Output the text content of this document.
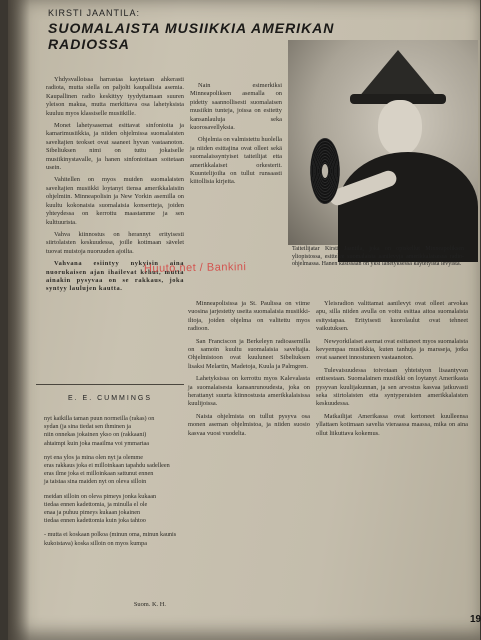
KIRSTI JAANTILA:
SUOMALAISTA MUSIIKKIA AMERIKAN RADIOSSA

Yhdysvalloissa harrastaa kaytetaan ahkerasti radiota, mutta siella on paljolti kaupallisia asemia. Kaupallinen radio keskittyy tyydyttamaan suuren yleison makua, mutta merkittava osa lahetyksista kuuluu myos klassiselle musiikille.

Monet lahetysasemat esittavat sinfonioita ja kamarimusiikkia, ja niiden ohjelmissa suomalaisten saveltajien teokset ovat saaneet hyvan vastaanoton. Sibeliuksen nimi on tuttu jokaiselle musiikinystavalle, ja hanen sinfonioitaan soitetaan usein.

Vahitellen on myos muiden suomalaisten saveltajien musiikki loytanyt tiensa amerikkalaisiin ohjelmiin. Minneapolisin ja New Yorkin asemilla on kuultu kokonaisia suomalaisia konsertteja, joiden yhteydessa on kerrottu maastamme ja sen kulttuurista.

Vahva kiinnostus on herannyt erityisesti siirtolaisten keskuudessa, joille kotimaan sävelet tuovat muistoja nuoruuden ajoilta.

Vahvana esiintyy nykyisin aina nuorukaisen ajan ihailevat kehut, mutta ainakin pysyvaa on se rakkaus, joka syntyy laulujen kautta.

Nain esimerkiksi Minneapoliksen asemalla on pidetty saannollisesti suomalaisen musiikin tunteja, joissa on esitetty kansanlauluja seka kuorosavellyksia.

Ohjelmia on valmistettu huolella ja niiden esittajina ovat olleet sekä suomalaissyntyiset taiteilijat etta amerikkalaiset orkesterit. Kuuntelijoilta on tullut runsaasti kiitollisia kirjeita.

Taiteilijatar Kirsti Jaantila, joka on opiskellut Minneapoliksen yliopistossa, esittelee suomalaisia aanilevyja amerikkalaisessa radio-ohjelmassa. Hanen kasissaan on yksi lahetyksessa kaytetyista levyista.

Minneapolisissa ja St. Paulissa on viime vuosina jarjestetty useita suomalaisia musiikki-iltoja, joiden ohjelma on valitettu myos radioon.

San Franciscon ja Berkeleyn radioasemilla on samoin kuultu suomalaisia saveltajia. Ohjelmistoon ovat kuuluneet Sibeliuksen lisaksi Melartin, Madetoja, Kuula ja Palmgren.

Lahetyksissa on kerrottu myos Kalevalasta ja suomalaisesta kansanrunoudesta, joka on herattanyt suurta kiinnostusta amerikkalaisissa kuulijoissa.

Naista ohjelmista on tullut pysyva osa monen aseman ohjelmistoa, ja niiden suosio kasvaa vuosi vuodelta.

Yleisradion valittamat aanilevyt ovat olleet arvokas apu, silla niiden avulla on voitu esittaa aitoa suomalaista esitystapaa. Erityisesti kuorolaulut ovat tehneet vaikutuksen.

Newyorkilaiset asemat ovat esittaneet myos suomalaista kevyempaa musiikkia, kuten tanhuja ja marsseja, jotka ovat saaneet innostuneen vastaanoton.

Tulevaisuudessa toivotaan yhteistyon lisaantyvan entisestaan. Suomalainen musiikki on loytanyt Amerikasta pysyvan kuulijakunnan, ja sen arvostus kasvaa jatkuvasti seka siirtolaisten etta syntyperaisten amerikkalaisten keskuudessa.

Matkailijat Amerikassa ovat kertoneet kuulleensa yllattaen kotimaan savelia vieraassa maassa, mika on aina ollut liikuttava kokemus.

Huuto.net / Bankini
E. E. CUMMINGS
nyt kaikilla taman puun normeilla (rakas) on
sydan (ja sina tiedat sen ihminen ja
niin onnekas jokainen ykso on (rakkaani)
ahtaimpi kuin joka maailma voi ymmartaa
nyt ena ylos ja mina olen nyt ja olemme
eras rakkaus joka ei milloinkaan tapahdu sadelleen
eras ilme joka ei milloinkaan sattunut ennen
ja taistaa sina maiden nyt on oleva silloin
meidan silloin on oleva pimeys jonka kukaan
tiedaa ennen kadettomia, ja minulla el ole
enaa ja puhuu pimeys kukaan jokainen
tiedaa ennen kadettomia kuin joka tahtoo
- mutta ei koskaan polkoa (minun oma, minun kaunis
kukoistava) koska silloin on myos kumpa
Suom. K. H.
19
